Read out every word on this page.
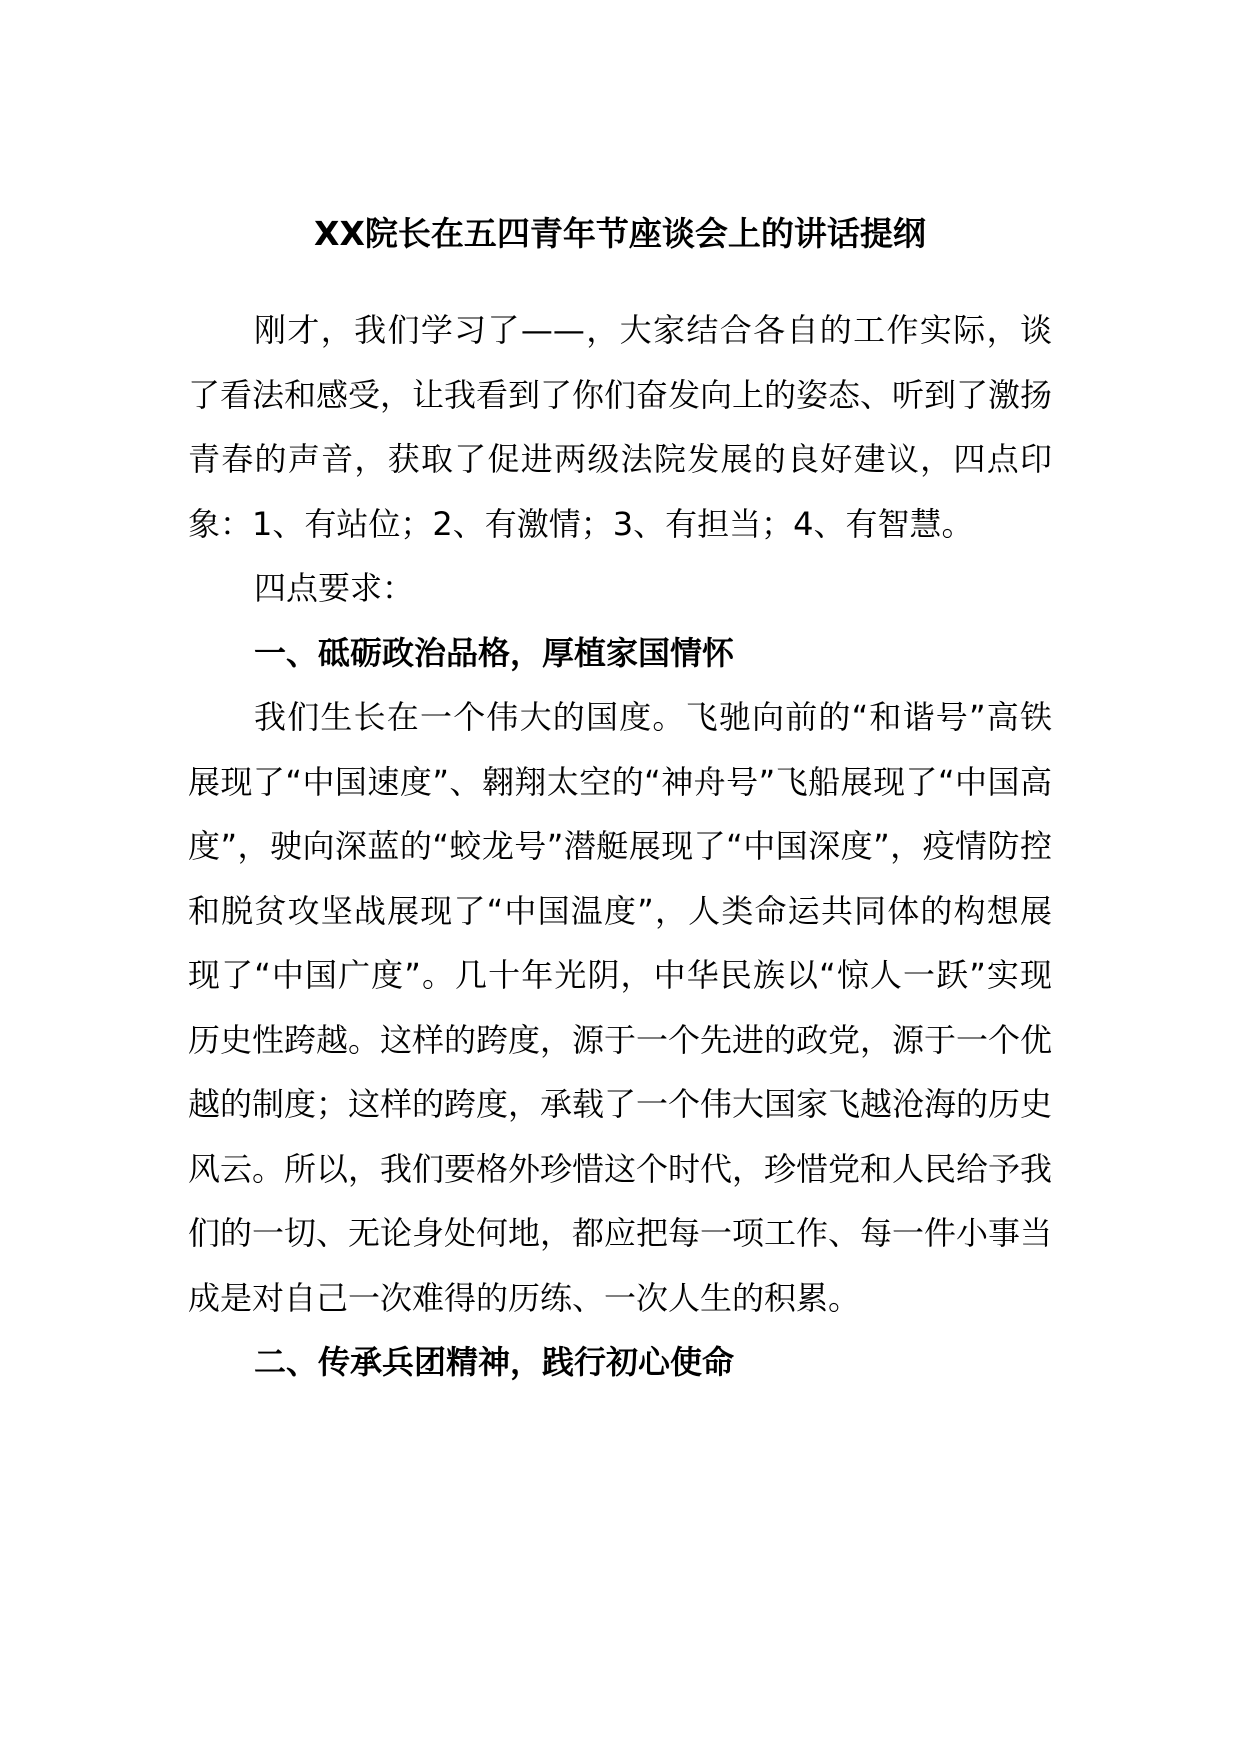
XX院长在五四青年节座谈会上的讲话提纲

刚才，我们学习了——，大家结合各自的工作实际，谈了看法和感受，让我看到了你们奋发向上的姿态、听到了激扬青春的声音，获取了促进两级法院发展的良好建议，四点印象：1、有站位；2、有激情；3、有担当；4、有智慧。

四点要求：

一、砥砺政治品格，厚植家国情怀

我们生长在一个伟大的国度。飞驰向前的“和谐号”高铁展现了“中国速度”、翱翔太空的“神舟号”飞船展现了“中国高度”，驶向深蓝的“蛟龙号”潜艇展现了“中国深度”，疫情防控和脱贫攻坚战展现了“中国温度”，人类命运共同体的构想展现了“中国广度”。几十年光阴，中华民族以“惊人一跃”实现历史性跨越。这样的跨度，源于一个先进的政党，源于一个优越的制度；这样的跨度，承载了一个伟大国家飞越沧海的历史风云。所以，我们要格外珍惜这个时代，珍惜党和人民给予我们的一切、无论身处何地，都应把每一项工作、每一件小事当成是对自己一次难得的历练、一次人生的积累。

二、传承兵团精神，践行初心使命
